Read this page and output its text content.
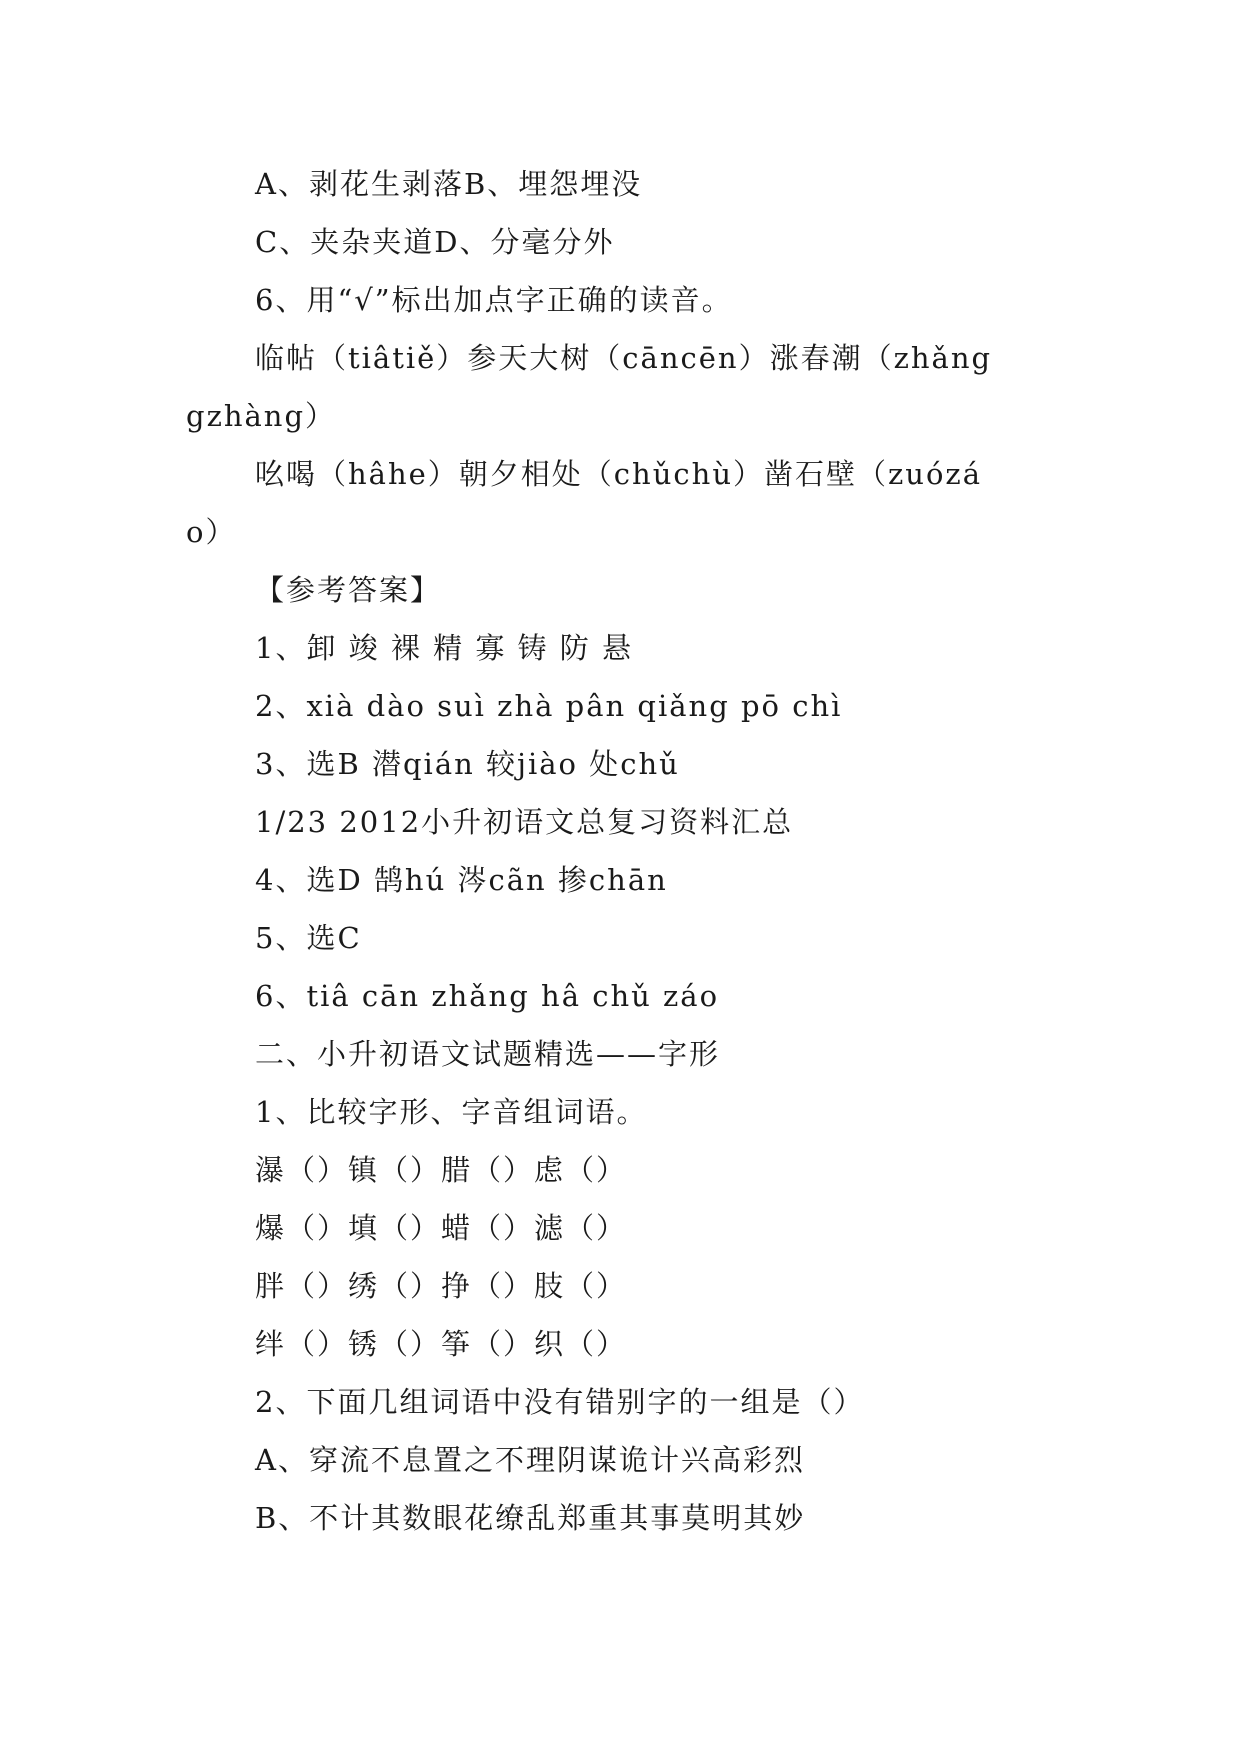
A、剥花生剥落B、埋怨埋没
C、夹杂夹道D、分毫分外
6、用“√”标出加点字正确的读音。
临帖（tiâtiě）参天大树（cāncēn）涨春潮（zhǎng
gzhàng）
吆喝（hâhe）朝夕相处（chǔchù）凿石壁（zuózá
o）
【参考答案】
1、卸 竣 裸 精 寡 铸 防 悬
2、xià dào suì zhà pân qiǎng pō chì
3、选B 潜qián 较jiào 处chǔ
1/23 2012小升初语文总复习资料汇总
4、选D 鹄hú 涔cãn 掺chān
5、选C
6、tiâ cān zhǎng hâ chǔ záo
二、小升初语文试题精选——字形
1、比较字形、字音组词语。
瀑（）镇（）腊（）虑（）
爆（）填（）蜡（）滤（）
胖（）绣（）挣（）肢（）
绊（）锈（）筝（）织（）
2、下面几组词语中没有错别字的一组是（）
A、穿流不息置之不理阴谋诡计兴高彩烈
B、不计其数眼花缭乱郑重其事莫明其妙
